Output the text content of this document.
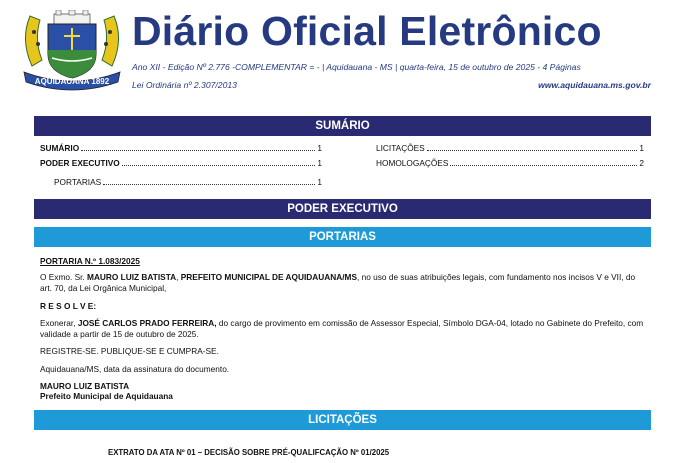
AQUIDAUANA 1892
Diário Oficial Eletrônico
Ano XII - Edição Nº 2.776 -COMPLEMENTAR = - | Aquidauana - MS | quarta-feira, 15 de outubro de 2025 - 4 Páginas
Lei Ordinária nº 2.307/2013	www.aquidauana.ms.gov.br
SUMÁRIO
SUMÁRIO	1
PODER EXECUTIVO	1
PORTARIAS	1
LICITAÇÕES	1
HOMOLOGAÇÕES	2
PODER EXECUTIVO
PORTARIAS
PORTARIA N.º 1.083/2025
O Exmo. Sr. MAURO LUIZ BATISTA, PREFEITO MUNICIPAL DE AQUIDAUANA/MS, no uso de suas atribuições legais, com fundamento nos incisos V e VII, do art. 70, da Lei Orgânica Municipal,
R E S O L V E:
Exonerar, JOSÉ CARLOS PRADO FERREIRA, do cargo de provimento em comissão de Assessor Especial, Símbolo DGA-04, lotado no Gabinete do Prefeito, com validade a partir de 15 de outubro de 2025.
REGISTRE-SE. PUBLIQUE-SE E CUMPRA-SE.
Aquidauana/MS, data da assinatura do documento.
MAURO LUIZ BATISTA
Prefeito Municipal de Aquidauana
LICITAÇÕES
EXTRATO DA ATA Nº 01 – DECISÃO SOBRE PRÉ-QUALIFCAÇÃO Nº 01/2025
